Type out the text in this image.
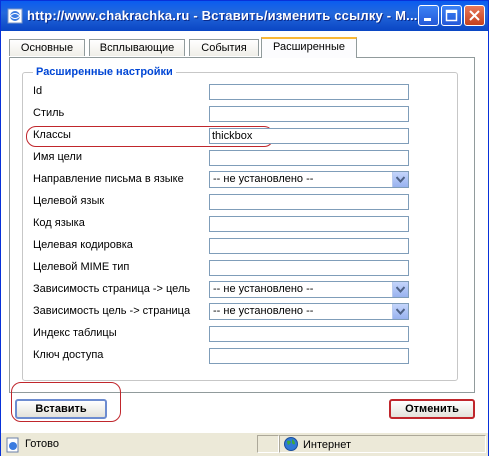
http://www.chakrachka.ru - Вставить/изменить ссылку - M...
Основные	Всплывающие	События	Расширенные
Расширенные настройки
Id
Стиль
Классы	thickbox
Имя цели
Направление письма в языке	-- не установлено --
Целевой язык
Код языка
Целевая кодировка
Целевой MIME тип
Зависимость страница -> цель	-- не установлено --
Зависимость цель -> страница	-- не установлено --
Индекс таблицы
Ключ доступа
Вставить	Отменить
Готово	Интернет
